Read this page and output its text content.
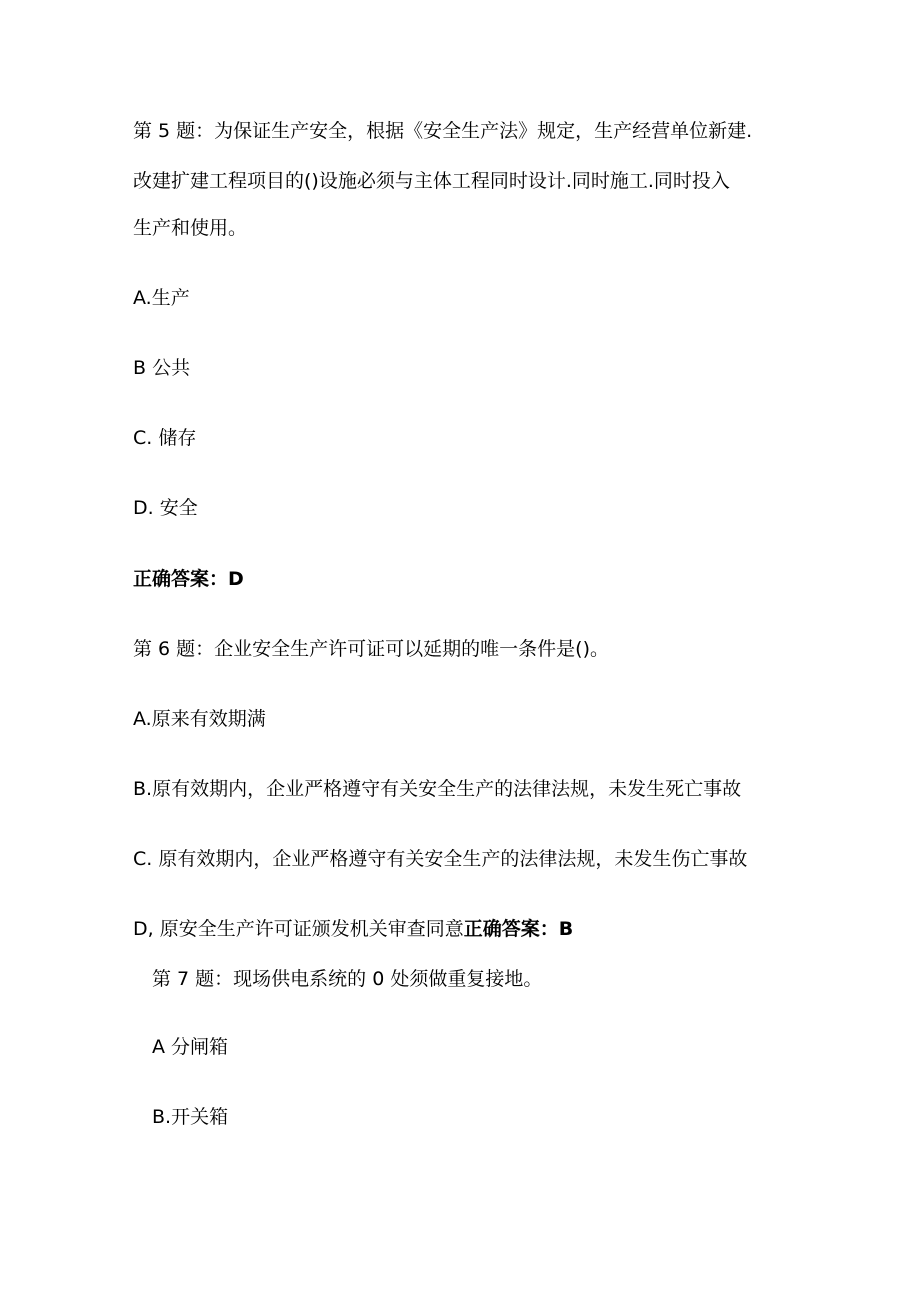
第 5 题：为保证生产安全，根据《安全生产法》规定，生产经营单位新建.
改建扩建工程项目的()设施必须与主体工程同时设计.同时施工.同时投入
生产和使用。
A.生产
B 公共
C. 储存
D. 安全
正确答案：D
第 6 题：企业安全生产许可证可以延期的唯一条件是()。
A.原来有效期满
B.原有效期内，企业严格遵守有关安全生产的法律法规，未发生死亡事故
C. 原有效期内，企业严格遵守有关安全生产的法律法规，未发生伤亡事故
D, 原安全生产许可证颁发机关审查同意正确答案：B
第 7 题：现场供电系统的 0 处须做重复接地。
A 分闸箱
B.开关箱
